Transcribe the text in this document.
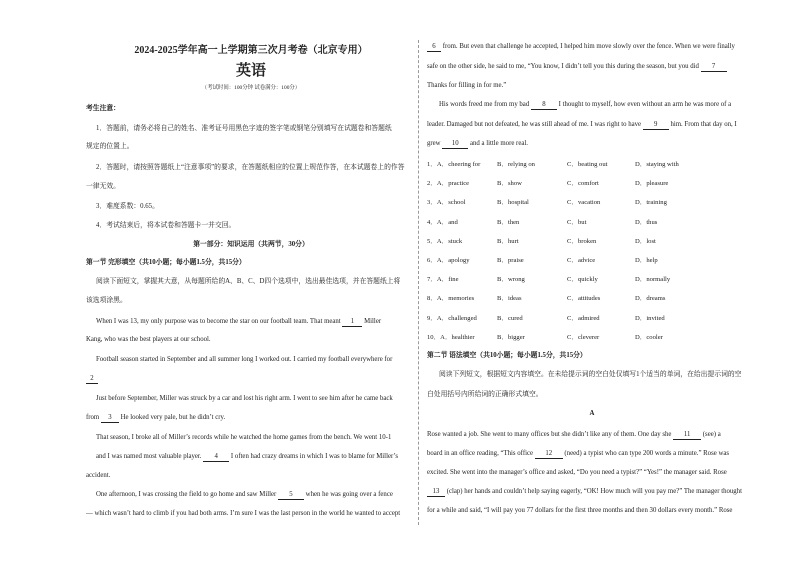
2024-2025学年高一上学期第三次月考卷（北京专用）
英语
（考试时间：100分钟 试卷满分：100分）
考生注意：
1．答题前，请务必将自己的姓名、准考证号用黑色字迹的签字笔或钢笔分别填写在试题卷和答题纸
规定的位置上。
2．答题时，请按照答题纸上“注意事项”的要求，在答题纸相应的位置上规范作答，在本试题卷上的作答
一律无效。
3．难度系数：0.65。
4．考试结束后，将本试卷和答题卡一并交回。
第一部分：知识运用（共两节，30分）
第一节 完形填空（共10小题；每小题1.5分，共15分）
阅读下面短文，掌握其大意，从每题所给的A、B、C、D四个选项中，选出最佳选项，并在答题纸上将
该选项涂黑。
When I was 13, my only purpose was to become the star on our football team. That meant 1 Miller
Kang, who was the best players at our school.
Football season started in September and all summer long I worked out. I carried my football everywhere for
2
Just before September, Miller was struck by a car and lost his right arm. I went to see him after he came back
from 3 He looked very pale, but he didn’t cry.
That season, I broke all of Miller’s records while he watched the home games from the bench. We went 10-1
and I was named most valuable player. 4 I often had crazy dreams in which I was to blame for Miller’s
accident.
One afternoon, I was crossing the field to go home and saw Miller 5 when he was going over a fence
— which wasn’t hard to climb if you had both arms. I’m sure I was the last person in the world he wanted to accept
6 from. But even that challenge he accepted, I helped him move slowly over the fence. When we were finally
safe on the other side, he said to me, “You know, I didn’t tell you this during the season, but you did 7
Thanks for filling in for me.”
His words freed me from my bad 8 I thought to myself, how even without an arm he was more of a
leader. Damaged but not defeated, he was still ahead of me. I was right to have 9 him. From that day on, I
grew 10 and a little more real.
1．A．cheering for	B．relying on	C．beating out	D．staying with
2．A．practice	B．show	C．comfort	D．pleasure
3．A．school	B．hospital	C．vacation	D．training
4．A．and	B．then	C．but	D．thus
5．A．stuck	B．hurt	C．broken	D．lost
6．A．apology	B．praise	C．advice	D．help
7．A．fine	B．wrong	C．quickly	D．normally
8．A．memories	B．ideas	C．attitudes	D．dreams
9．A．challenged	B．cured	C．admired	D．invited
10．A．healthier	B．bigger	C．cleverer	D．cooler
第二节 语法填空（共10小题；每小题1.5分，共15分）
阅读下列短文，根据短文内容填空。在未给提示词的空白处仅填写1个适当的单词，在给出提示词的空
白处用括号内所给词的正确形式填空。
A
Rose wanted a job. She went to many offices but she didn’t like any of them. One day she 11 (see) a
board in an office reading, “This office 12 (need) a typist who can type 200 words a minute.” Rose was
excited. She went into the manager’s office and asked, “Do you need a typist?” “Yes!” the manager said. Rose
13 (clap) her hands and couldn’t help saying eagerly, “OK! How much will you pay me?” The manager thought
for a while and said, “I will pay you 77 dollars for the first three months and then 30 dollars every month.” Rose
